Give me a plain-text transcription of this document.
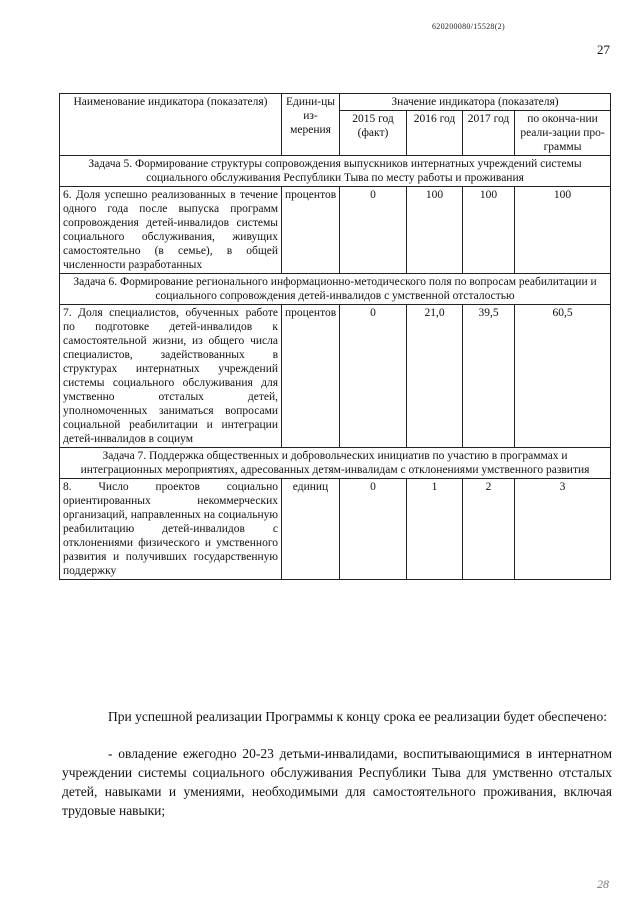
620200080/15528(2)
27
Наименование индикатора (показателя)	Едини-цы из-мерения	Значение индикатора (показателя)			
		2015 год (факт)	2016 год	2017 год	по оконча-нии реали-зации про-граммы
Задача 5. Формирование структуры сопровождения выпускников интернатных учреждений системы социального обслуживания Республики Тыва по месту работы и проживания					
6. Доля успешно реализованных в течение одного года после выпуска программ сопровождения детей-инвалидов системы социального обслуживания, живущих самостоятельно (в семье), в общей численности разработанных	процентов	0	100	100	100
Задача 6. Формирование регионального информационно-методического поля по вопросам реабилитации и социального сопровождения детей-инвалидов с умственной отсталостью					
7. Доля специалистов, обученных работе по подготовке детей-инвалидов к самостоятельной жизни, из общего числа специалистов, задействованных в структурах интернатных учреждений системы социального обслуживания для умственно отсталых детей, уполномоченных заниматься вопросами социальной реабилитации и интеграции детей-инвалидов в социум	процентов	0	21,0	39,5	60,5
Задача 7. Поддержка общественных и добровольческих инициатив по участию в программах и интеграционных мероприятиях, адресованных детям-инвалидам с отклонениями умственного развития					
8. Число проектов социально ориентированных некоммерческих организаций, направленных на социальную реабилитацию детей-инвалидов с отклонениями физического и умственного развития и получивших государственную поддержку	единиц	0	1	2	3
При успешной реализации Программы к концу срока ее реализации будет обеспечено:
- овладение ежегодно 20-23 детьми-инвалидами, воспитывающимися в интернатном учреждении системы социального обслуживания Республики Тыва для умственно отсталых детей, навыками и умениями, необходимыми для самостоятельного проживания, включая трудовые навыки;
28
